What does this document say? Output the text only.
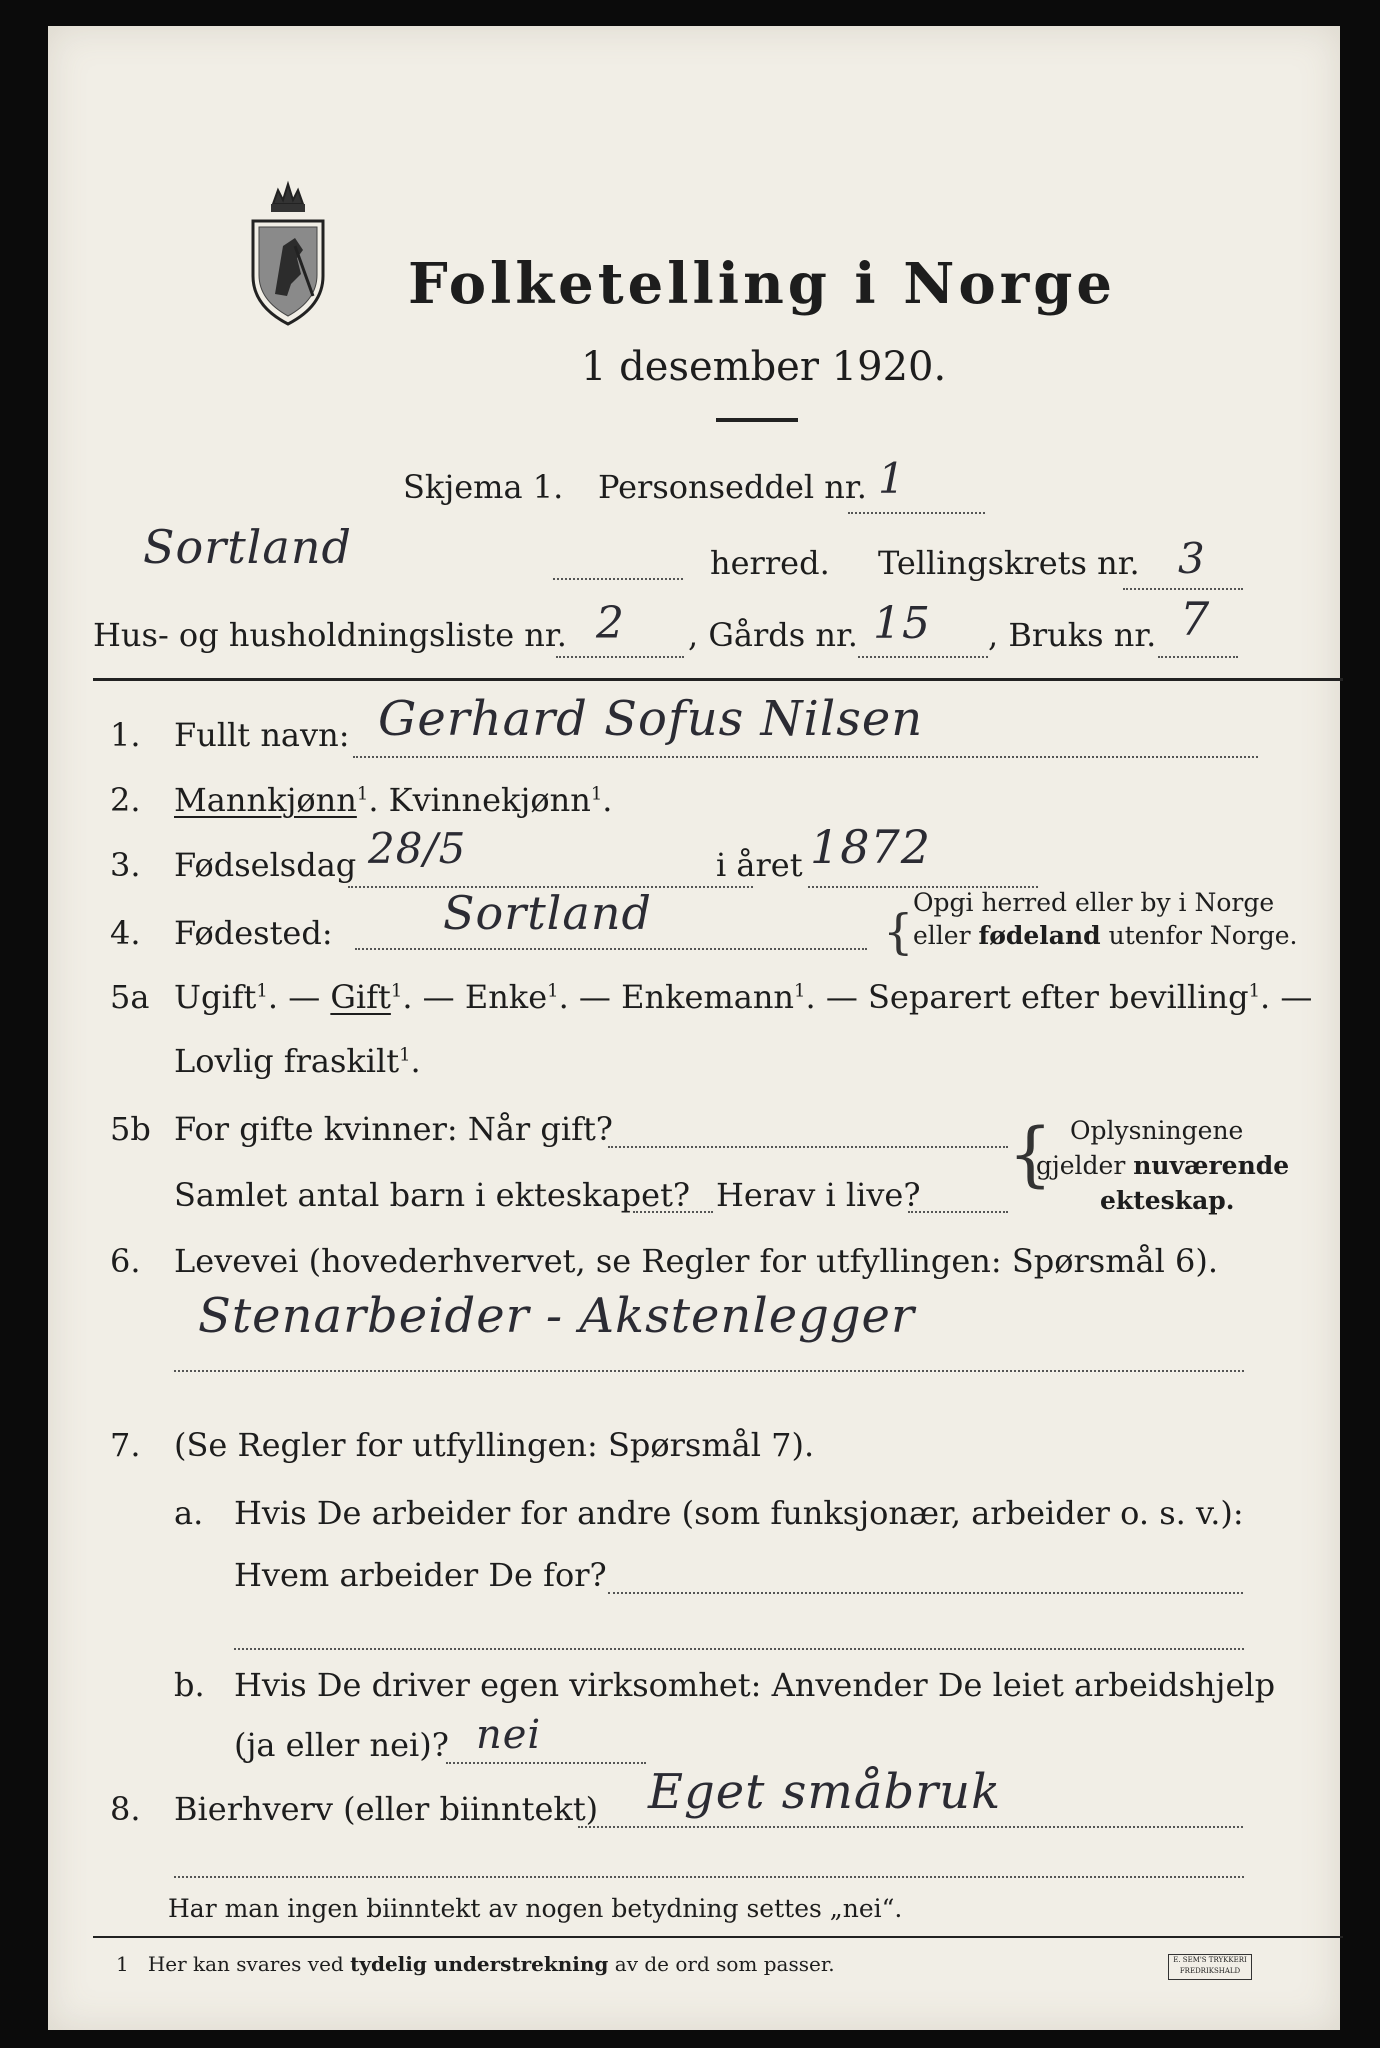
Folketelling i Norge
1 desember 1920.
Skjema 1. Personseddel nr. 1
Sortland	herred. Tellingskrets nr. 3
Hus- og husholdningsliste nr. 2 , Gårds nr. 15 , Bruks nr. 7
1. Fullt navn: Gerhard Sofus Nilsen
2. Mannkjønn$^1$. Kvinnekjønn$^1$.
3. Fødselsdag 28/5	i året 1872
4. Fødested: Sortland	{
Opgi herred eller by i Norge
eller fødeland utenfor Norge.
5a Ugift$^1$. — Gift$^1$. — Enke$^1$. — Enkemann$^1$. — Separert efter bevilling$^1$. —
Lovlig fraskilt$^1$.
5b For gifte kvinner: Når gift?
Samlet antal barn i ekteskapet? Herav i live? { Oplysningene
gjelder nuværende
ekteskap.
6. Levevei (hovederhvervet, se Regler for utfyllingen: Spørsmål 6).
Stenarbeider - Akstenlegger
7. (Se Regler for utfyllingen: Spørsmål 7).
a. Hvis De arbeider for andre (som funksjonær, arbeider o. s. v.):
Hvem arbeider De for?
b. Hvis De driver egen virksomhet: Anvender De leiet arbeidshjelp
(ja eller nei)? nei
8. Bierhverv (eller biinntekt) Eget småbruk
Har man ingen biinntekt av nogen betydning settes „nei“.
1 Her kan svares ved tydelig understrekning av de ord som passer.	E. SEM'S TRYKKERI
FREDRIKSHALD
